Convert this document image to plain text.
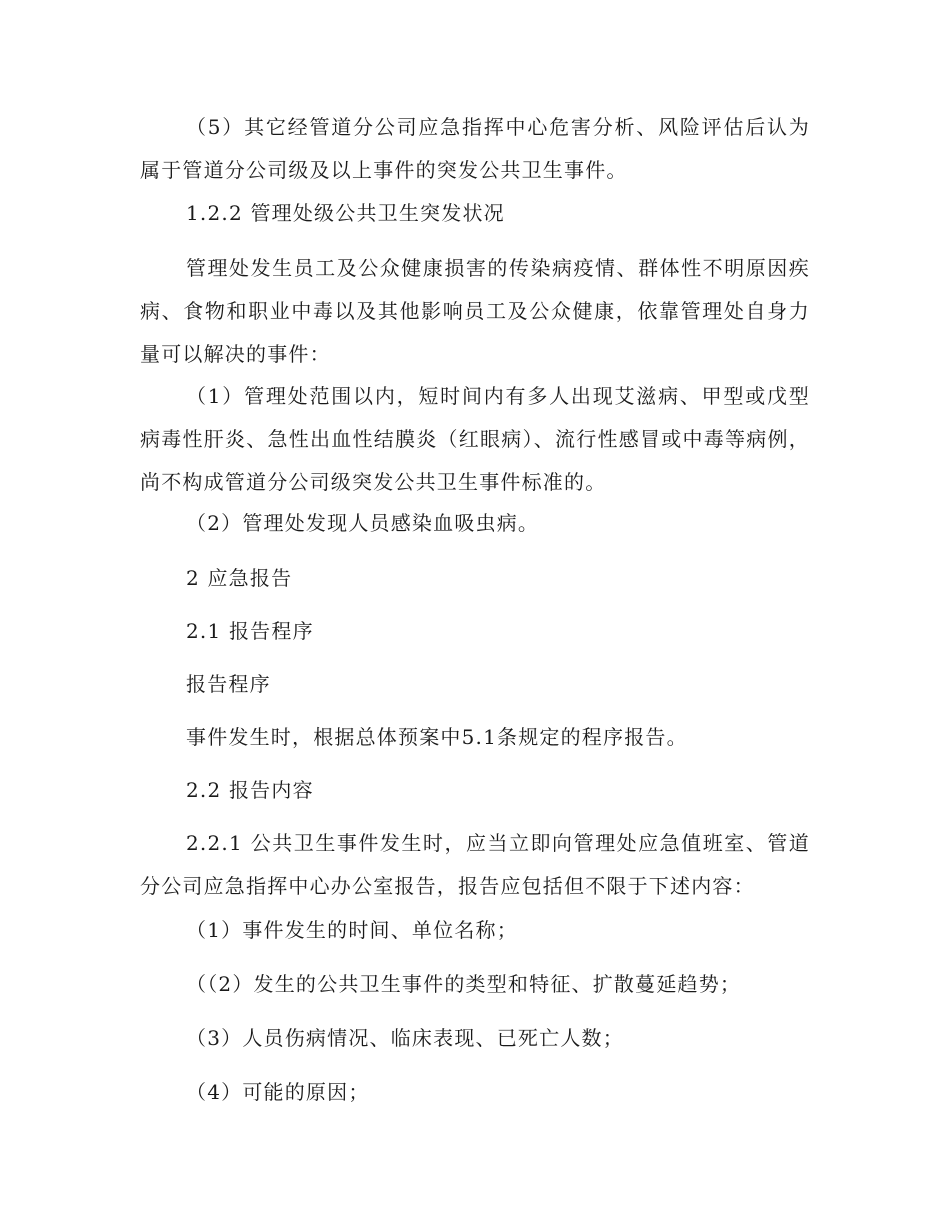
（5）其它经管道分公司应急指挥中心危害分析、风险评估后认为属于管道分公司级及以上事件的突发公共卫生事件。

1.2.2 管理处级公共卫生突发状况

管理处发生员工及公众健康损害的传染病疫情、群体性不明原因疾病、食物和职业中毒以及其他影响员工及公众健康，依靠管理处自身力量可以解决的事件：

（1）管理处范围以内，短时间内有多人出现艾滋病、甲型或戊型病毒性肝炎、急性出血性结膜炎（红眼病）、流行性感冒或中毒等病例，尚不构成管道分公司级突发公共卫生事件标准的。

（2）管理处发现人员感染血吸虫病。

2 应急报告

2.1 报告程序

报告程序

事件发生时，根据总体预案中5.1条规定的程序报告。

2.2 报告内容

2.2.1 公共卫生事件发生时，应当立即向管理处应急值班室、管道分公司应急指挥中心办公室报告，报告应包括但不限于下述内容：

（1）事件发生的时间、单位名称；

（（2）发生的公共卫生事件的类型和特征、扩散蔓延趋势；

（3）人员伤病情况、临床表现、已死亡人数；

（4）可能的原因；
